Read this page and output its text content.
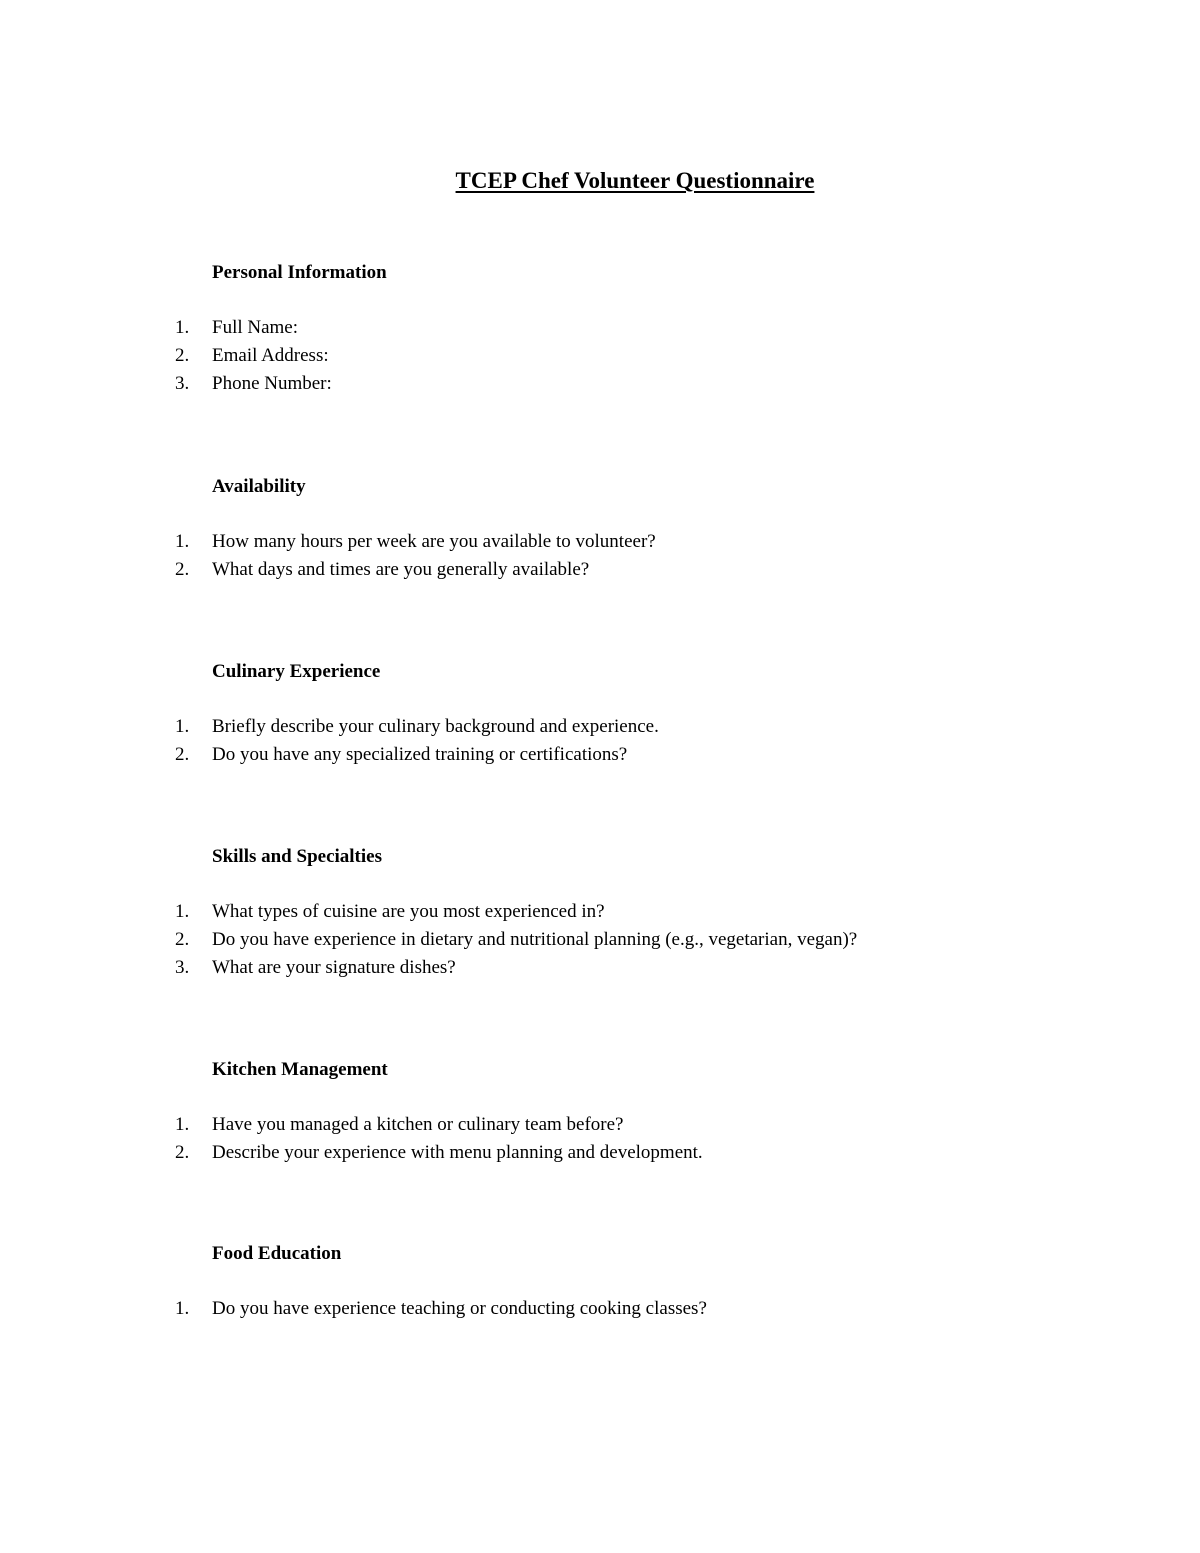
TCEP Chef Volunteer Questionnaire
Personal Information
1. Full Name:
2. Email Address:
3. Phone Number:
Availability
1. How many hours per week are you available to volunteer?
2. What days and times are you generally available?
Culinary Experience
1. Briefly describe your culinary background and experience.
2. Do you have any specialized training or certifications?
Skills and Specialties
1. What types of cuisine are you most experienced in?
2. Do you have experience in dietary and nutritional planning (e.g., vegetarian, vegan)?
3. What are your signature dishes?
Kitchen Management
1. Have you managed a kitchen or culinary team before?
2. Describe your experience with menu planning and development.
Food Education
1. Do you have experience teaching or conducting cooking classes?
